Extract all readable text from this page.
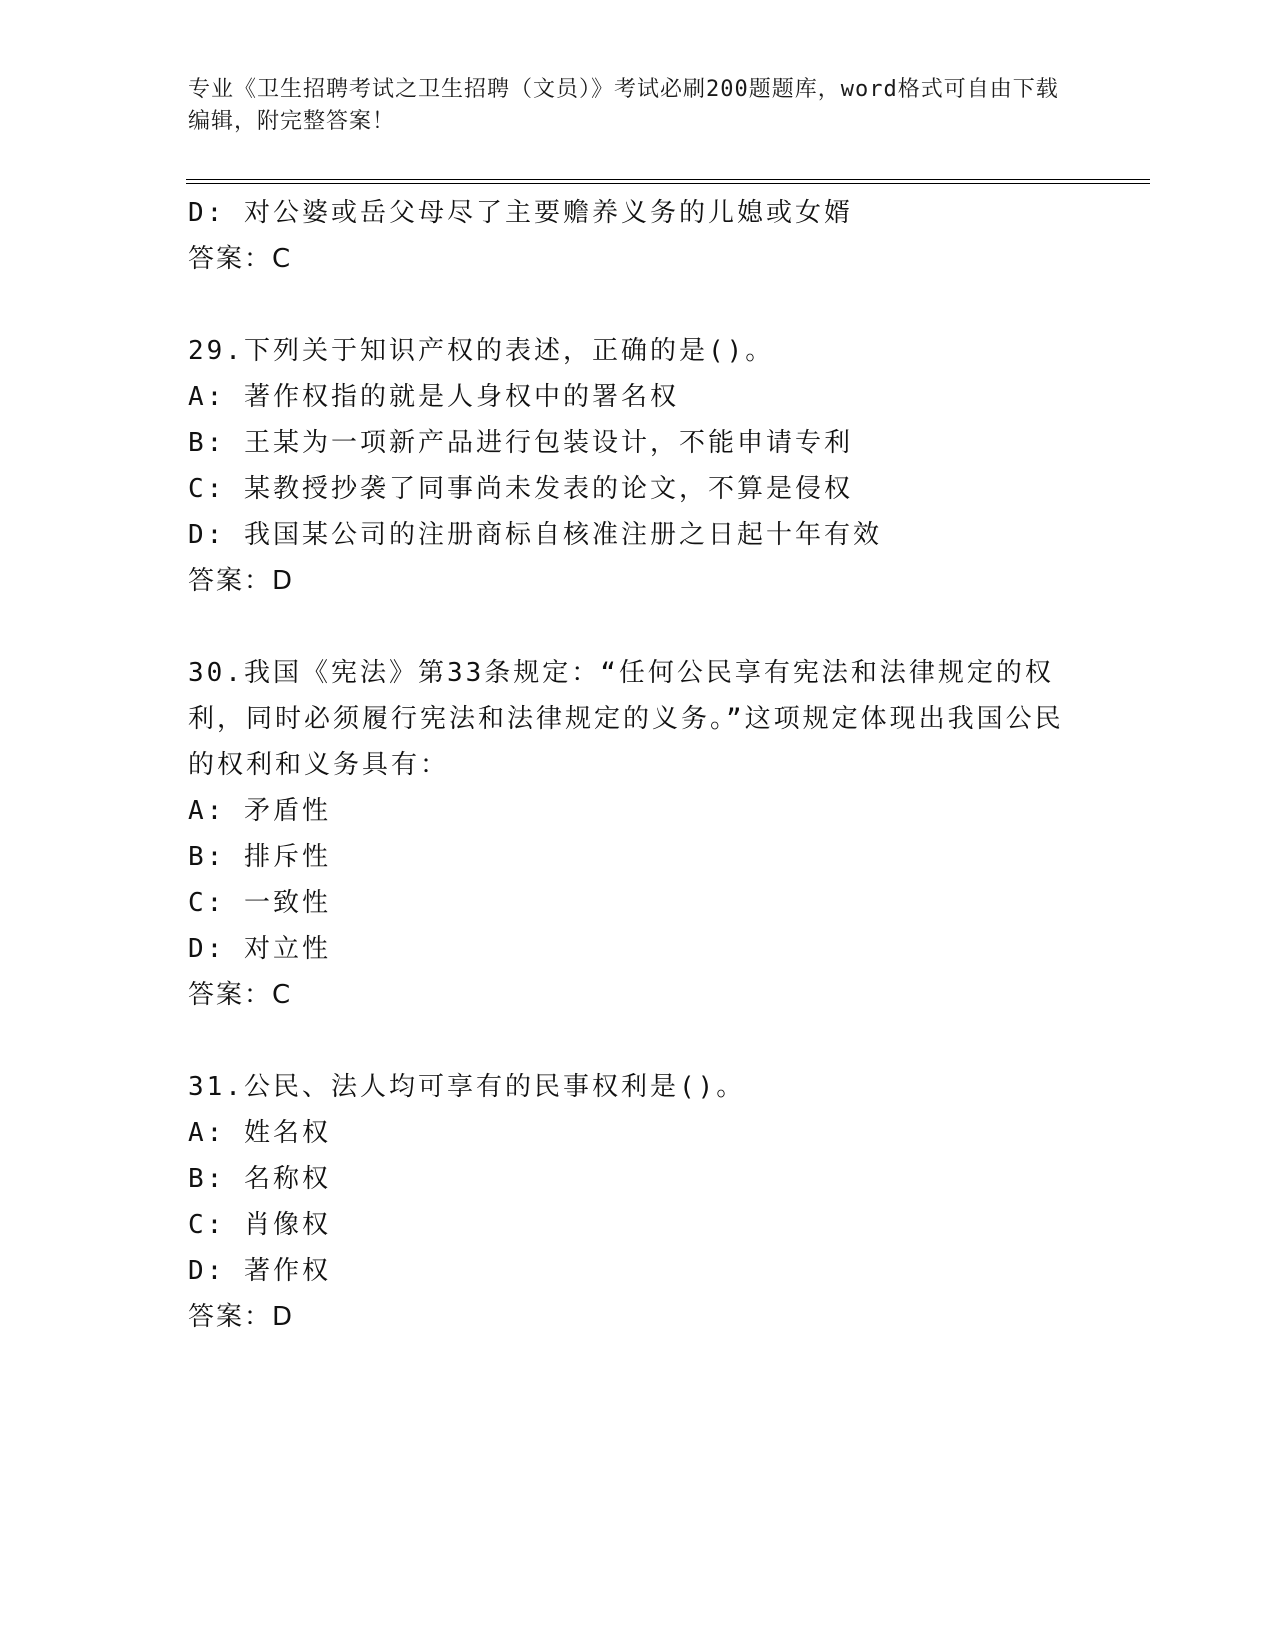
专业《卫生招聘考试之卫生招聘（文员）》考试必刷200题题库，word格式可自由下载编辑，附完整答案！
D: 对公婆或岳父母尽了主要赡养义务的儿媳或女婿
答案：C
29.下列关于知识产权的表述，正确的是()。
A: 著作权指的就是人身权中的署名权
B: 王某为一项新产品进行包装设计，不能申请专利
C: 某教授抄袭了同事尚未发表的论文，不算是侵权
D: 我国某公司的注册商标自核准注册之日起十年有效
答案：D
30.我国《宪法》第33条规定：“任何公民享有宪法和法律规定的权利，同时必须履行宪法和法律规定的义务。”这项规定体现出我国公民的权利和义务具有：
A: 矛盾性
B: 排斥性
C: 一致性
D: 对立性
答案：C
31.公民、法人均可享有的民事权利是()。
A: 姓名权
B: 名称权
C: 肖像权
D: 著作权
答案：D
